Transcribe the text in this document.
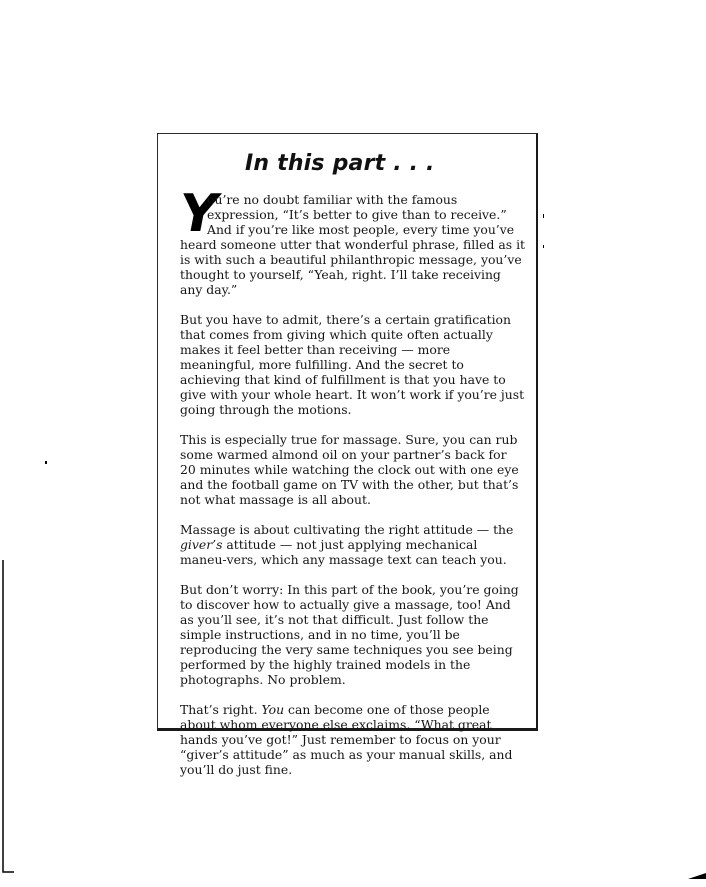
In this part . . .

Y
ou’re no doubt familiar with the famous expression, “It’s better to give than to receive.” And if you’re like most people, every time you’ve heard someone utter that wonderful phrase, filled as it is with such a beautiful philanthropic message, you’ve thought to yourself, “Yeah, right. I’ll take receiving any day.”

But you have to admit, there’s a certain gratification that comes from giving which quite often actually makes it feel better than receiving — more meaningful, more fulfilling. And the secret to achieving that kind of fulfillment is that you have to give with your whole heart. It won’t work if you’re just going through the motions.

This is especially true for massage. Sure, you can rub some warmed almond oil on your partner’s back for 20 minutes while watching the clock out with one eye and the football game on TV with the other, but that’s not what massage is all about.

Massage is about cultivating the right attitude — the giver’s attitude — not just applying mechanical maneu-vers, which any massage text can teach you.

But don’t worry: In this part of the book, you’re going to discover how to actually give a massage, too! And as you’ll see, it’s not that difficult. Just follow the simple instructions, and in no time, you’ll be reproducing the very same techniques you see being performed by the highly trained models in the photographs. No problem.

That’s right. You can become one of those people about whom everyone else exclaims, “What great hands you’ve got!” Just remember to focus on your “giver’s attitude” as much as your manual skills, and you’ll do just fine.
